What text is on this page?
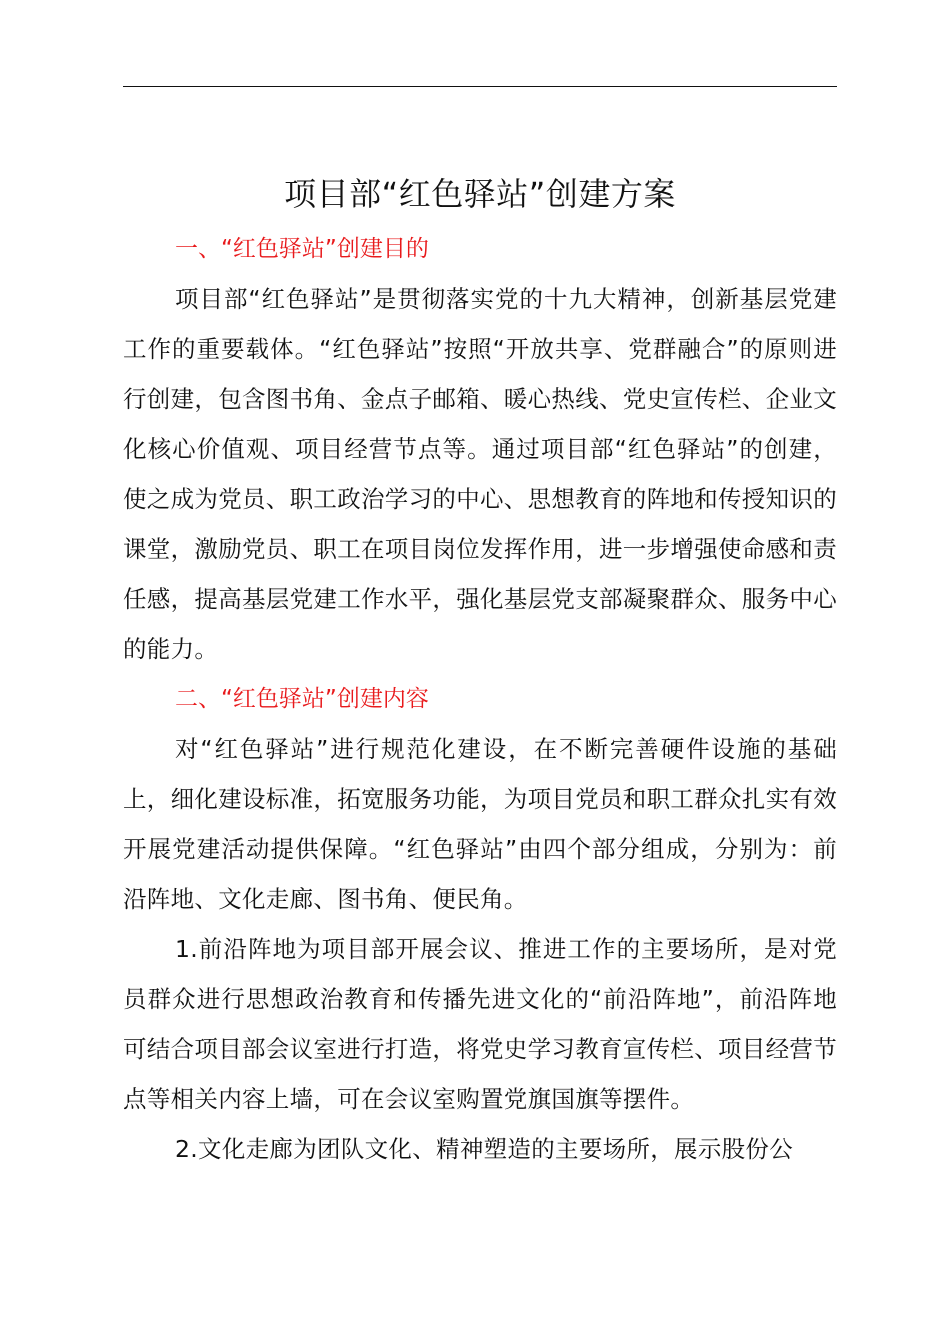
项目部“红色驿站”创建方案
一、“红色驿站”创建目的

项目部“红色驿站”是贯彻落实党的十九大精神，创新基层党建工作的重要载体。“红色驿站”按照“开放共享、党群融合”的原则进行创建，包含图书角、金点子邮箱、暖心热线、党史宣传栏、企业文化核心价值观、项目经营节点等。通过项目部“红色驿站”的创建，使之成为党员、职工政治学习的中心、思想教育的阵地和传授知识的课堂，激励党员、职工在项目岗位发挥作用，进一步增强使命感和责任感，提高基层党建工作水平，强化基层党支部凝聚群众、服务中心的能力。

二、“红色驿站”创建内容

对“红色驿站”进行规范化建设，在不断完善硬件设施的基础上，细化建设标准，拓宽服务功能，为项目党员和职工群众扎实有效开展党建活动提供保障。“红色驿站”由四个部分组成，分别为：前沿阵地、文化走廊、图书角、便民角。

1.前沿阵地为项目部开展会议、推进工作的主要场所，是对党员群众进行思想政治教育和传播先进文化的“前沿阵地”，前沿阵地可结合项目部会议室进行打造，将党史学习教育宣传栏、项目经营节点等相关内容上墙，可在会议室购置党旗国旗等摆件。

2.文化走廊为团队文化、精神塑造的主要场所，展示股份公
